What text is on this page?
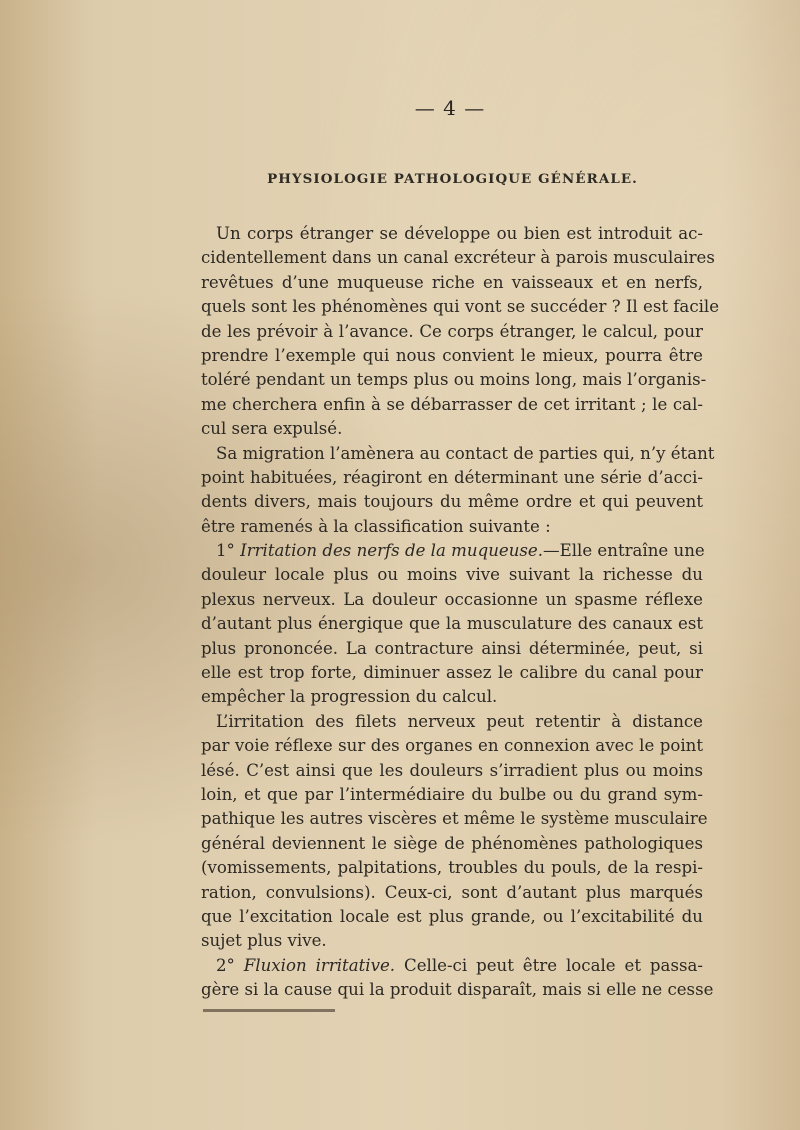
— 4 —
PHYSIOLOGIE PATHOLOGIQUE GÉNÉRALE.
Un corps étranger se développe ou bien est introduit ac-
cidentellement dans un canal excréteur à parois musculaires
revêtues d’une muqueuse riche en vaisseaux et en nerfs,
quels sont les phénomènes qui vont se succéder ? Il est facile
de les prévoir à l’avance. Ce corps étranger, le calcul, pour
prendre l’exemple qui nous convient le mieux, pourra être
toléré pendant un temps plus ou moins long, mais l’organis-
me cherchera enfin à se débarrasser de cet irritant ; le cal-
cul sera expulsé.
Sa migration l’amènera au contact de parties qui, n’y étant
point habituées, réagiront en déterminant une série d’acci-
dents divers, mais toujours du même ordre et qui peuvent
être ramenés à la classification suivante :
1° Irritation des nerfs de la muqueuse.—Elle entraîne une
douleur locale plus ou moins vive suivant la richesse du
plexus nerveux. La douleur occasionne un spasme réflexe
d’autant plus énergique que la musculature des canaux est
plus prononcée. La contracture ainsi déterminée, peut, si
elle est trop forte, diminuer assez le calibre du canal pour
empêcher la progression du calcul.
L’irritation des filets nerveux peut retentir à distance
par voie réflexe sur des organes en connexion avec le point
lésé. C’est ainsi que les douleurs s’irradient plus ou moins
loin, et que par l’intermédiaire du bulbe ou du grand sym-
pathique les autres viscères et même le système musculaire
général deviennent le siège de phénomènes pathologiques
(vomissements, palpitations, troubles du pouls, de la respi-
ration, convulsions). Ceux-ci, sont d’autant plus marqués
que l’excitation locale est plus grande, ou l’excitabilité du
sujet plus vive.
2° Fluxion irritative. Celle-ci peut être locale et passa-
gère si la cause qui la produit disparaît, mais si elle ne cesse
